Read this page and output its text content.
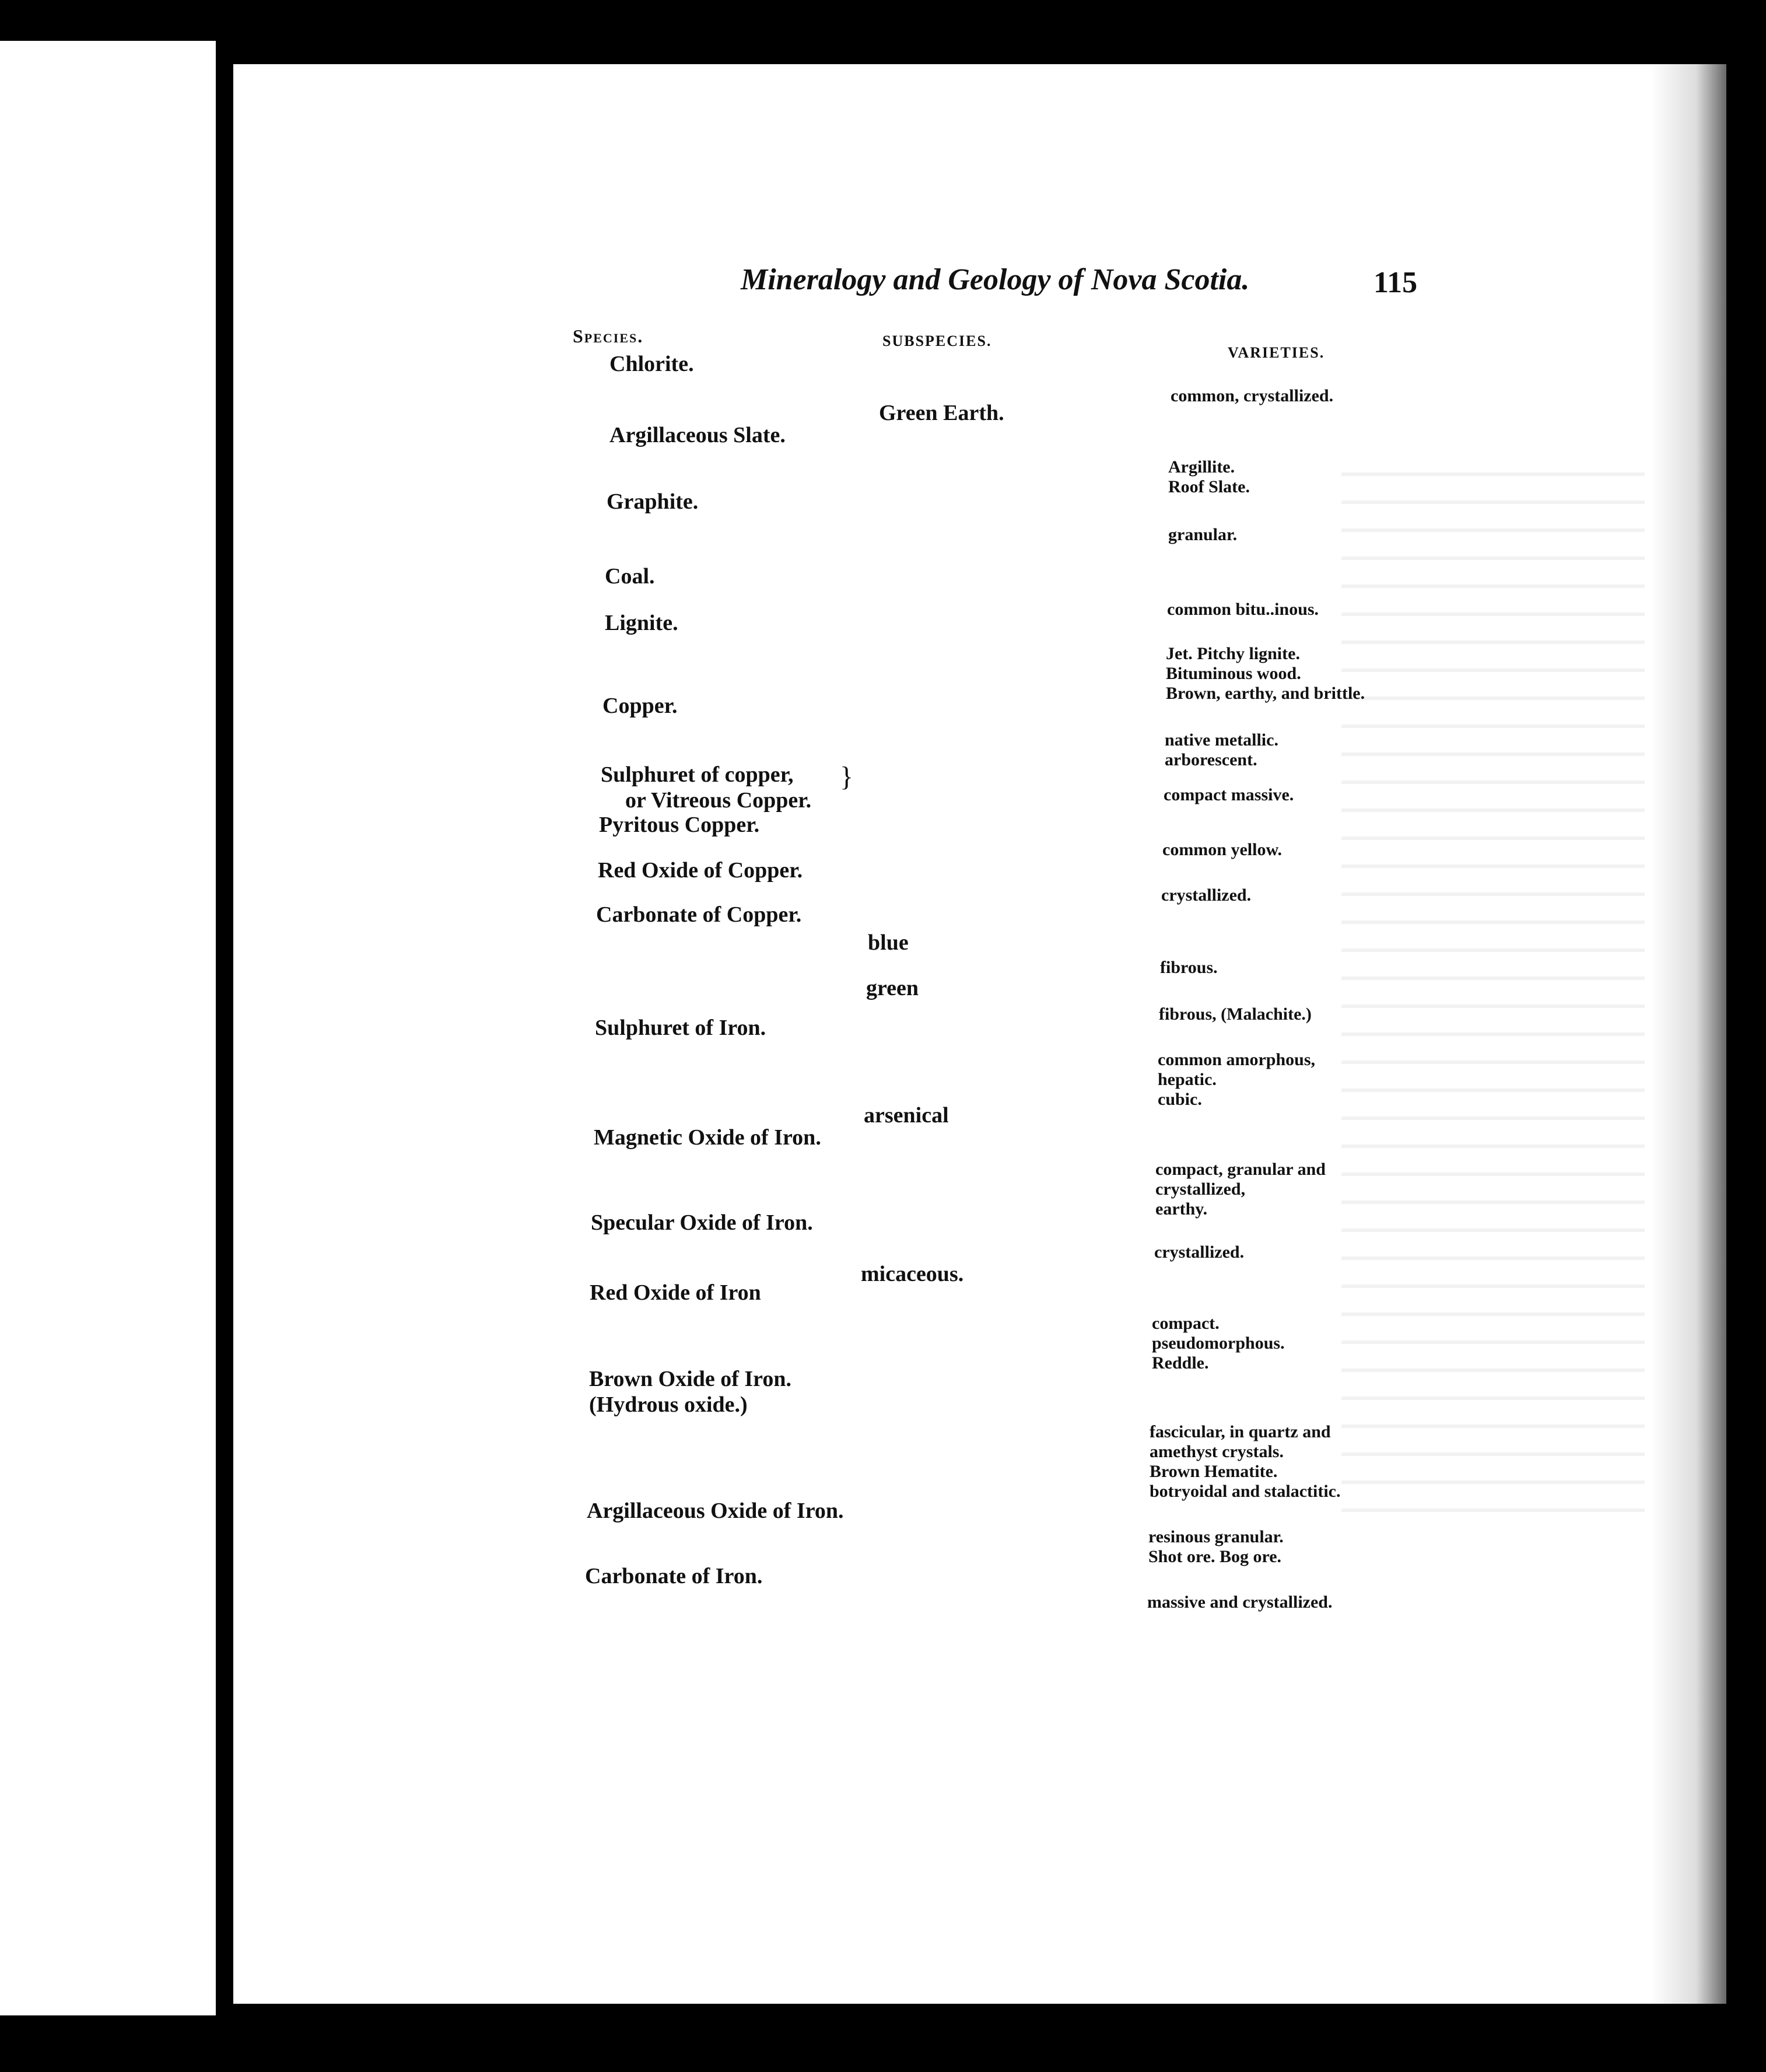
Mineralogy and Geology of Nova Scotia.	115
Species.	SUBSPECIES.
VARIETIES.
Chlorite.
Argillaceous Slate.
Graphite.
Coal.
Lignite.
Copper.
Sulphuret of copper,
or Vitreous Copper.
}
Pyritous Copper.
Red Oxide of Copper.
Carbonate of Copper.
Sulphuret of Iron.
Magnetic Oxide of Iron.
Specular Oxide of Iron.
Red Oxide of Iron
Brown Oxide of Iron.
(Hydrous oxide.)
Argillaceous Oxide of Iron.
Carbonate of Iron.
Green Earth.
blue
green
arsenical
micaceous.
common, crystallized.
Argillite.
Roof Slate.
granular.
common bitu..inous.
Jet. Pitchy lignite.
Bituminous wood.
Brown, earthy, and brittle.
native metallic.
arborescent.
compact massive.
common yellow.
crystallized.
fibrous.
fibrous, (Malachite.)
common amorphous,
hepatic.
cubic.
compact, granular and
crystallized,
earthy.
crystallized.
compact.
pseudomorphous.
Reddle.
fascicular, in quartz and
amethyst crystals.
Brown Hematite.
botryoidal and stalactitic.
resinous granular.
Shot ore. Bog ore.
massive and crystallized.
